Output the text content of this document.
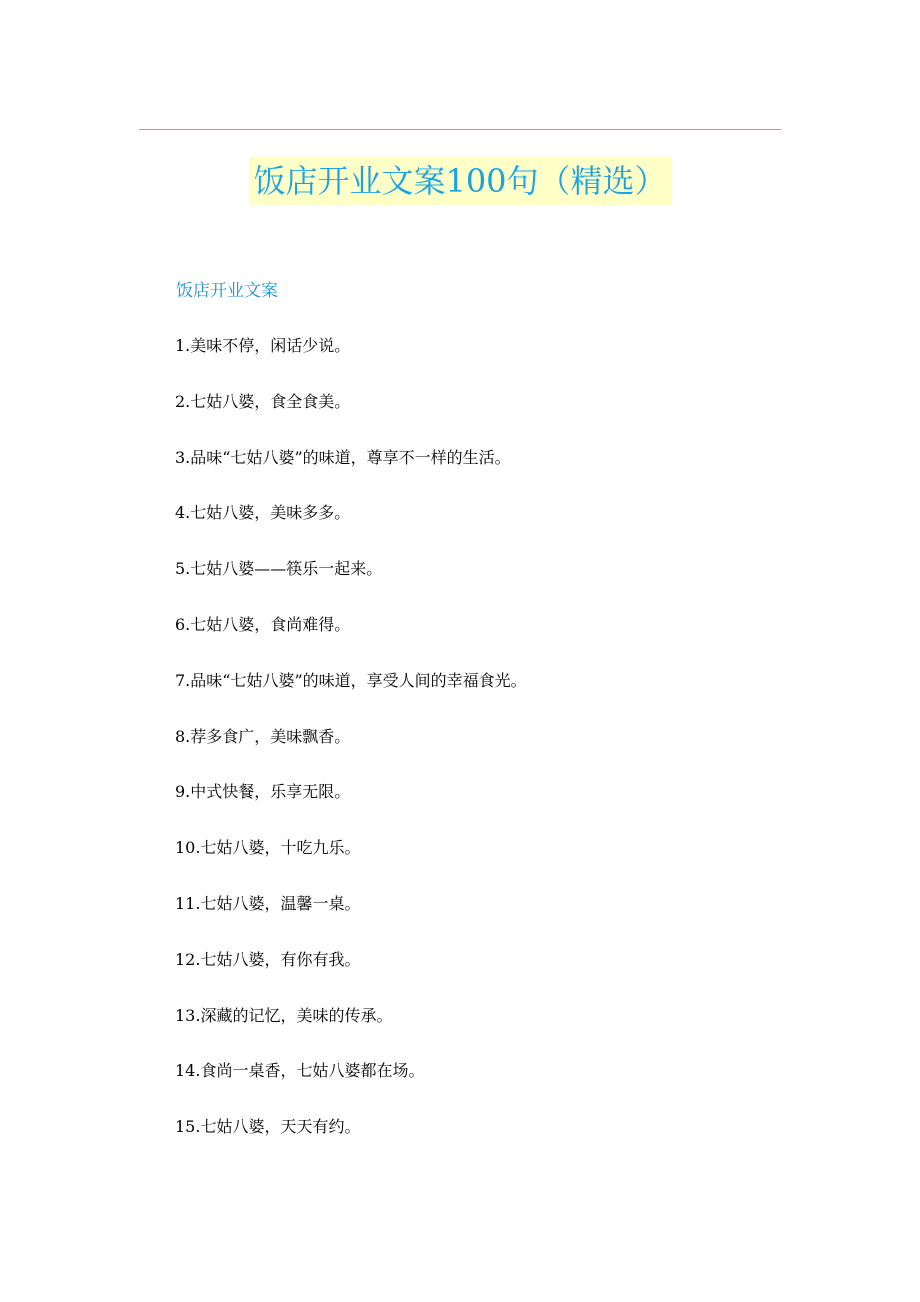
饭店开业文案100句（精选）
饭店开业文案
1.美味不停，闲话少说。
2.七姑八婆，食全食美。
3.品味“七姑八婆”的味道，尊享不一样的生活。
4.七姑八婆，美味多多。
5.七姑八婆——筷乐一起来。
6.七姑八婆，食尚难得。
7.品味“七姑八婆”的味道，享受人间的幸福食光。
8.荐多食广，美味飘香。
9.中式快餐，乐享无限。
10.七姑八婆，十吃九乐。
11.七姑八婆，温馨一桌。
12.七姑八婆，有你有我。
13.深藏的记忆，美味的传承。
14.食尚一桌香，七姑八婆都在场。
15.七姑八婆，天天有约。
